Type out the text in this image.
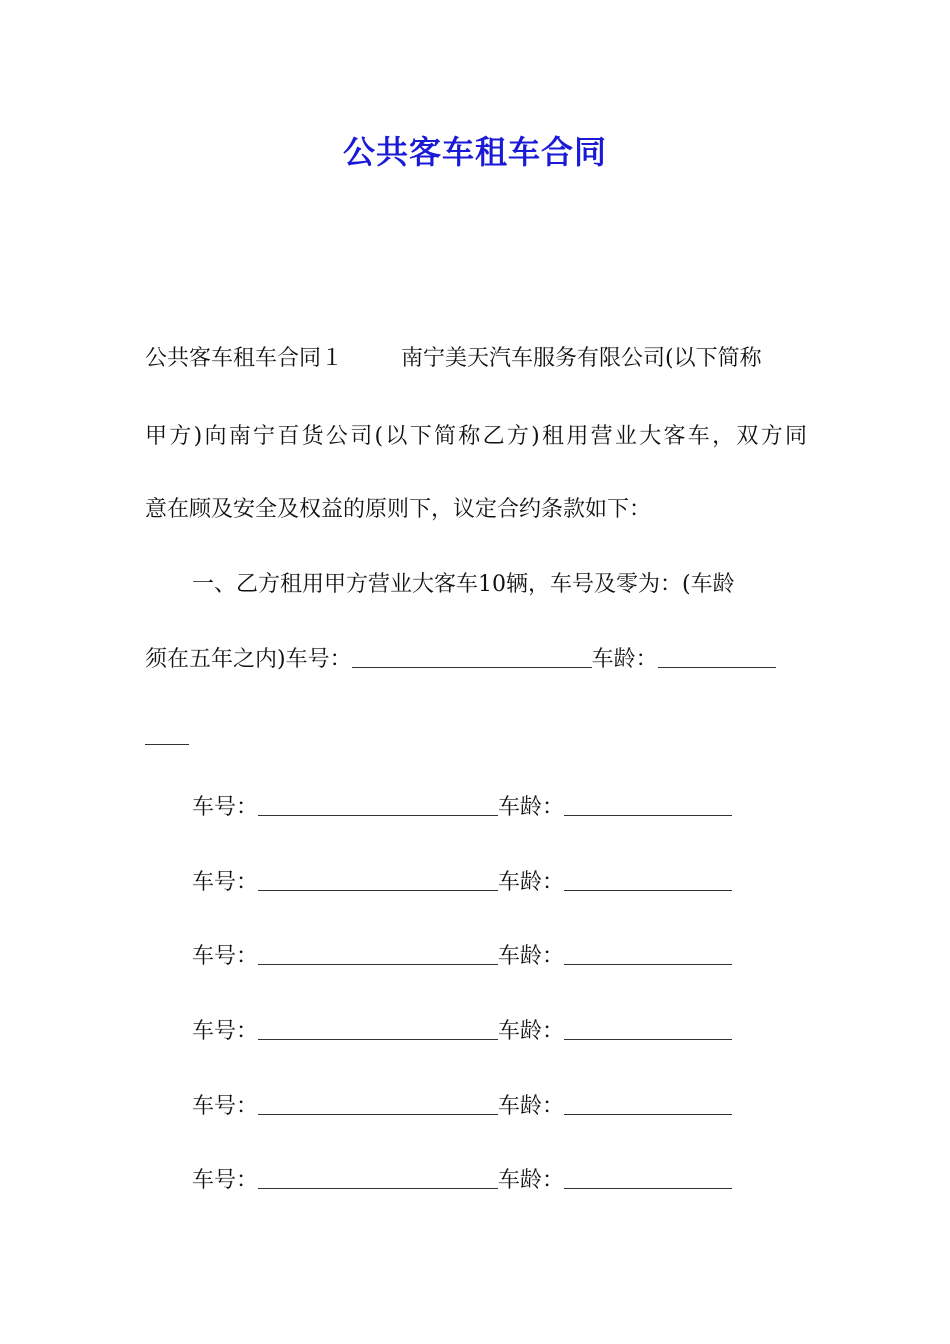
公共客车租车合同
公共客车租车合同１	南宁美天汽车服务有限公司(以下简称
甲方)向南宁百货公司(以下简称乙方)租用营业大客车，双方同
意在顾及安全及权益的原则下，议定合约条款如下：
一、乙方租用甲方营业大客车10辆，车号及零为：(车龄
须在五年之内)车号：	车龄：
车号：	车龄：
车号：	车龄：
车号：	车龄：
车号：	车龄：
车号：	车龄：
车号：	车龄：
